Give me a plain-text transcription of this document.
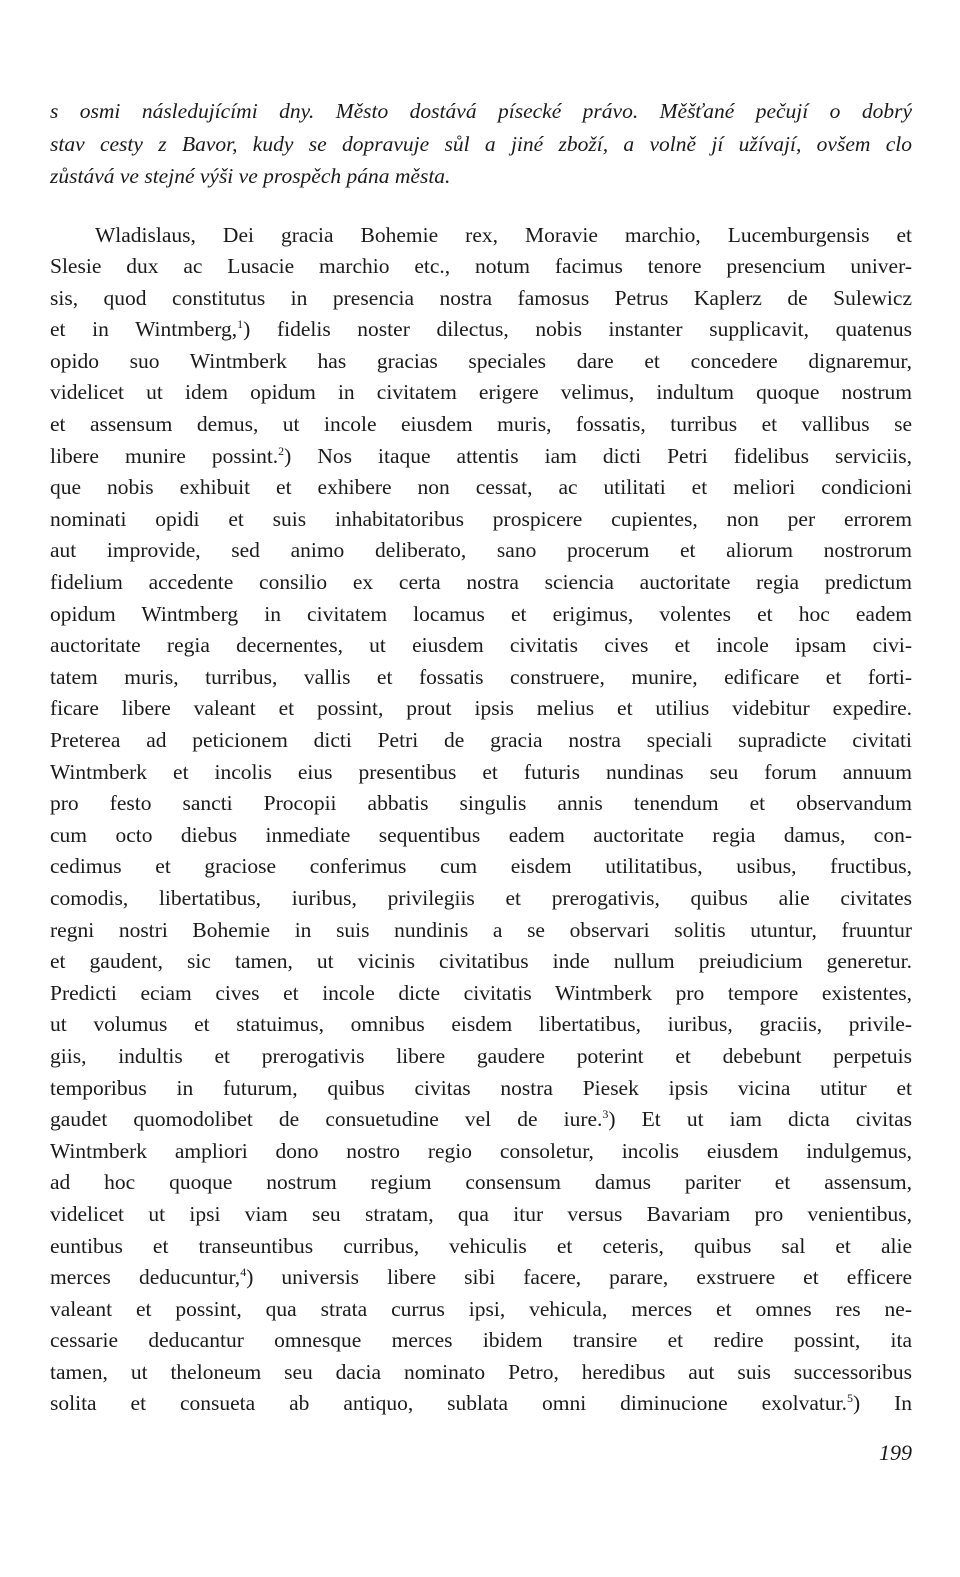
s osmi následujícími dny. Město dostává písecké právo. Měšťané pečují o dobrý
stav cesty z Bavor, kudy se dopravuje sůl a jiné zboží, a volně jí užívají, ovšem clo
zůstává ve stejné výši ve prospěch pána města.
Wladislaus, Dei gracia Bohemie rex, Moravie marchio, Lucemburgensis et
Slesie dux ac Lusacie marchio etc., notum facimus tenore presencium univer-
sis, quod constitutus in presencia nostra famosus Petrus Kaplerz de Sulewicz
et in Wintmberg,$^1$) fidelis noster dilectus, nobis instanter supplicavit, quatenus
opido suo Wintmberk has gracias speciales dare et concedere dignaremur,
videlicet ut idem opidum in civitatem erigere velimus, indultum quoque nostrum
et assensum demus, ut incole eiusdem muris, fossatis, turribus et vallibus se
libere munire possint.$^2$) Nos itaque attentis iam dicti Petri fidelibus serviciis,
que nobis exhibuit et exhibere non cessat, ac utilitati et meliori condicioni
nominati opidi et suis inhabitatoribus prospicere cupientes, non per errorem
aut improvide, sed animo deliberato, sano procerum et aliorum nostrorum
fidelium accedente consilio ex certa nostra sciencia auctoritate regia predictum
opidum Wintmberg in civitatem locamus et erigimus, volentes et hoc eadem
auctoritate regia decernentes, ut eiusdem civitatis cives et incole ipsam civi-
tatem muris, turribus, vallis et fossatis construere, munire, edificare et forti-
ficare libere valeant et possint, prout ipsis melius et utilius videbitur expedire.
Preterea ad peticionem dicti Petri de gracia nostra speciali supradicte civitati
Wintmberk et incolis eius presentibus et futuris nundinas seu forum annuum
pro festo sancti Procopii abbatis singulis annis tenendum et observandum
cum octo diebus inmediate sequentibus eadem auctoritate regia damus, con-
cedimus et graciose conferimus cum eisdem utilitatibus, usibus, fructibus,
comodis, libertatibus, iuribus, privilegiis et prerogativis, quibus alie civitates
regni nostri Bohemie in suis nundinis a se observari solitis utuntur, fruuntur
et gaudent, sic tamen, ut vicinis civitatibus inde nullum preiudicium generetur.
Predicti eciam cives et incole dicte civitatis Wintmberk pro tempore existentes,
ut volumus et statuimus, omnibus eisdem libertatibus, iuribus, graciis, privile-
giis, indultis et prerogativis libere gaudere poterint et debebunt perpetuis
temporibus in futurum, quibus civitas nostra Piesek ipsis vicina utitur et
gaudet quomodolibet de consuetudine vel de iure.$^3$) Et ut iam dicta civitas
Wintmberk ampliori dono nostro regio consoletur, incolis eiusdem indulgemus,
ad hoc quoque nostrum regium consensum damus pariter et assensum,
videlicet ut ipsi viam seu stratam, qua itur versus Bavariam pro venientibus,
euntibus et transeuntibus curribus, vehiculis et ceteris, quibus sal et alie
merces deducuntur,$^4$) universis libere sibi facere, parare, exstruere et efficere
valeant et possint, qua strata currus ipsi, vehicula, merces et omnes res ne-
cessarie deducantur omnesque merces ibidem transire et redire possint, ita
tamen, ut theloneum seu dacia nominato Petro, heredibus aut suis successoribus
solita et consueta ab antiquo, sublata omni diminucione exolvatur.$^5$) In
199
